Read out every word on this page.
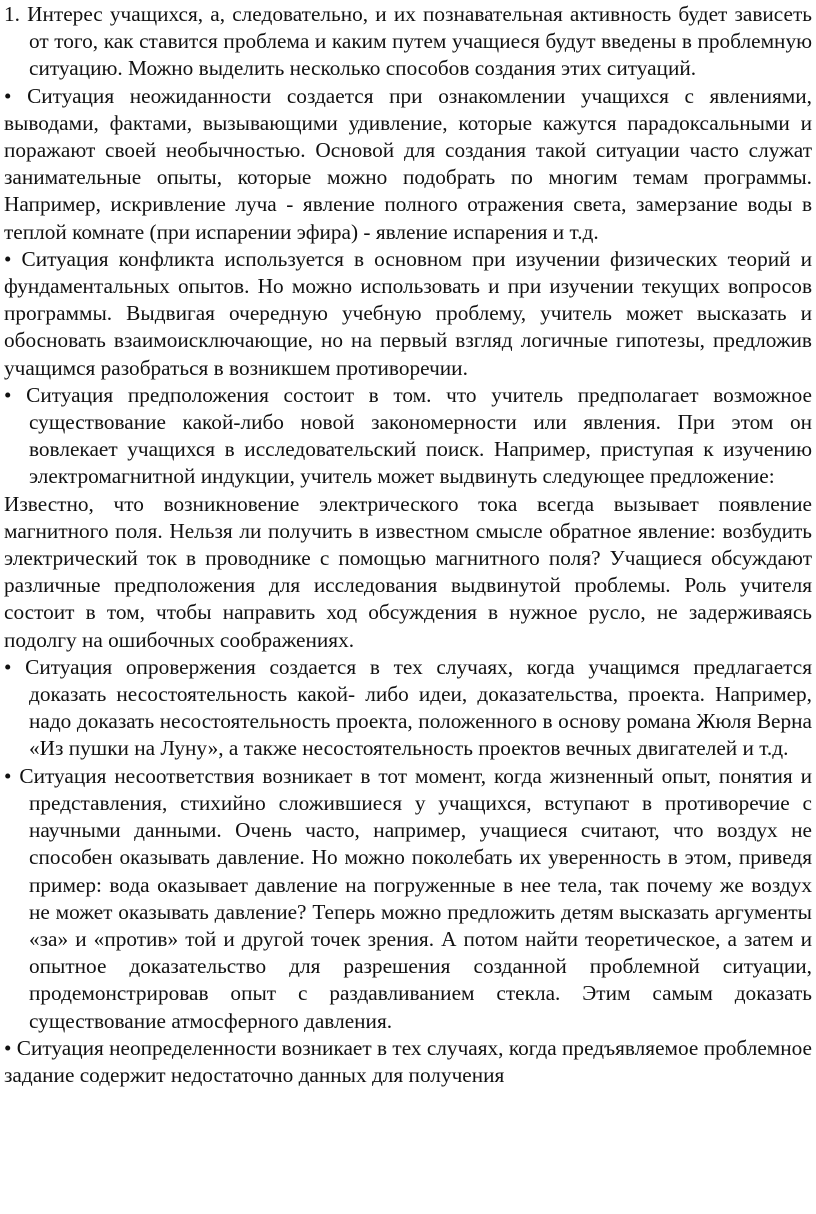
1. Интерес учащихся, а, следовательно, и их познавательная активность будет зависеть от того, как ставится проблема и каким путем учащиеся будут введены в проблемную ситуацию. Можно выделить несколько способов создания этих ситуаций.

• Ситуация неожиданности создается при ознакомлении учащихся с явлениями, выводами, фактами, вызывающими удивление, которые кажутся парадоксальными и поражают своей необычностью. Основой для создания такой ситуации часто служат занимательные опыты, которые можно подобрать по многим темам программы. Например, искривление луча - явление полного отражения света, замерзание воды в теплой комнате (при испарении эфира) - явление испарения и т.д.

• Ситуация конфликта используется в основном при изучении физических теорий и фундаментальных опытов. Но можно использовать и при изучении текущих вопросов программы. Выдвигая очередную учебную проблему, учитель может высказать и обосновать взаимоисключающие, но на первый взгляд логичные гипотезы, предложив учащимся разобраться в возникшем противоречии.

• Ситуация предположения состоит в том. что учитель предполагает возможное существование какой-либо новой закономерности или явления. При этом он вовлекает учащихся в исследовательский поиск. Например, приступая к изучению электромагнитной индукции, учитель может выдвинуть следующее предложение:

Известно, что возникновение электрического тока всегда вызывает появление магнитного поля. Нельзя ли получить в известном смысле обратное явление: возбудить электрический ток в проводнике с помощью магнитного поля? Учащиеся обсуждают различные предположения для исследования выдвинутой проблемы. Роль учителя состоит в том, чтобы направить ход обсуждения в нужное русло, не задерживаясь подолгу на ошибочных соображениях.

• Ситуация опровержения создается в тех случаях, когда учащимся предлагается доказать несостоятельность какой- либо идеи, доказательства, проекта. Например, надо доказать несостоятельность проекта, положенного в основу романа Жюля Верна «Из пушки на Луну», а также несостоятельность проектов вечных двигателей и т.д.

• Ситуация несоответствия возникает в тот момент, когда жизненный опыт, понятия и представления, стихийно сложившиеся у учащихся, вступают в противоречие с научными данными. Очень часто, например, учащиеся считают, что воздух не способен оказывать давление. Но можно поколебать их уверенность в этом, приведя пример: вода оказывает давление на погруженные в нее тела, так почему же воздух не может оказывать давление? Теперь можно предложить детям высказать аргументы «за» и «против» той и другой точек зрения. А потом найти теоретическое, а затем и опытное доказательство для разрешения созданной проблемной ситуации, продемонстрировав опыт с раздавливанием стекла. Этим самым доказать существование атмосферного давления.

• Ситуация неопределенности возникает в тех случаях, когда предъявляемое проблемное задание содержит недостаточно данных для получения
